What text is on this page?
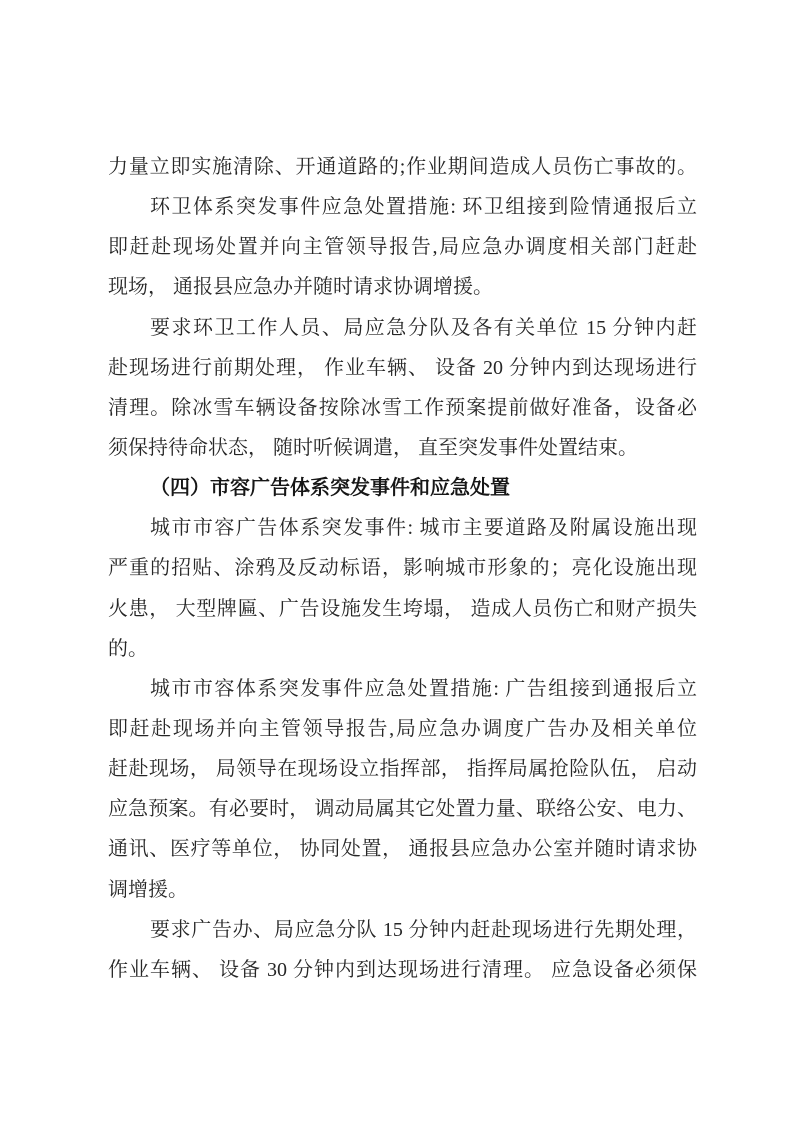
力量立即实施清除、开通道路的;作业期间造成人员伤亡事故的。
环卫体系突发事件应急处置措施: 环卫组接到险情通报后立
即赶赴现场处置并向主管领导报告,局应急办调度相关部门赶赴
现场， 通报县应急办并随时请求协调增援。
要求环卫工作人员、局应急分队及各有关单位 15 分钟内赶
赴现场进行前期处理， 作业车辆、 设备 20 分钟内到达现场进行
清理。除冰雪车辆设备按除冰雪工作预案提前做好准备，设备必
须保持待命状态， 随时听候调遣， 直至突发事件处置结束。
（四）市容广告体系突发事件和应急处置
城市市容广告体系突发事件: 城市主要道路及附属设施出现
严重的招贴、涂鸦及反动标语，影响城市形象的；亮化设施出现
火患， 大型牌匾、广告设施发生垮塌， 造成人员伤亡和财产损失
的。
城市市容体系突发事件应急处置措施: 广告组接到通报后立
即赶赴现场并向主管领导报告,局应急办调度广告办及相关单位
赶赴现场， 局领导在现场设立指挥部， 指挥局属抢险队伍， 启动
应急预案。有必要时， 调动局属其它处置力量、联络公安、电力、
通讯、医疗等单位， 协同处置， 通报县应急办公室并随时请求协
调增援。
要求广告办、局应急分队 15 分钟内赶赴现场进行先期处理，
作业车辆、 设备 30 分钟内到达现场进行清理。 应急设备必须保
